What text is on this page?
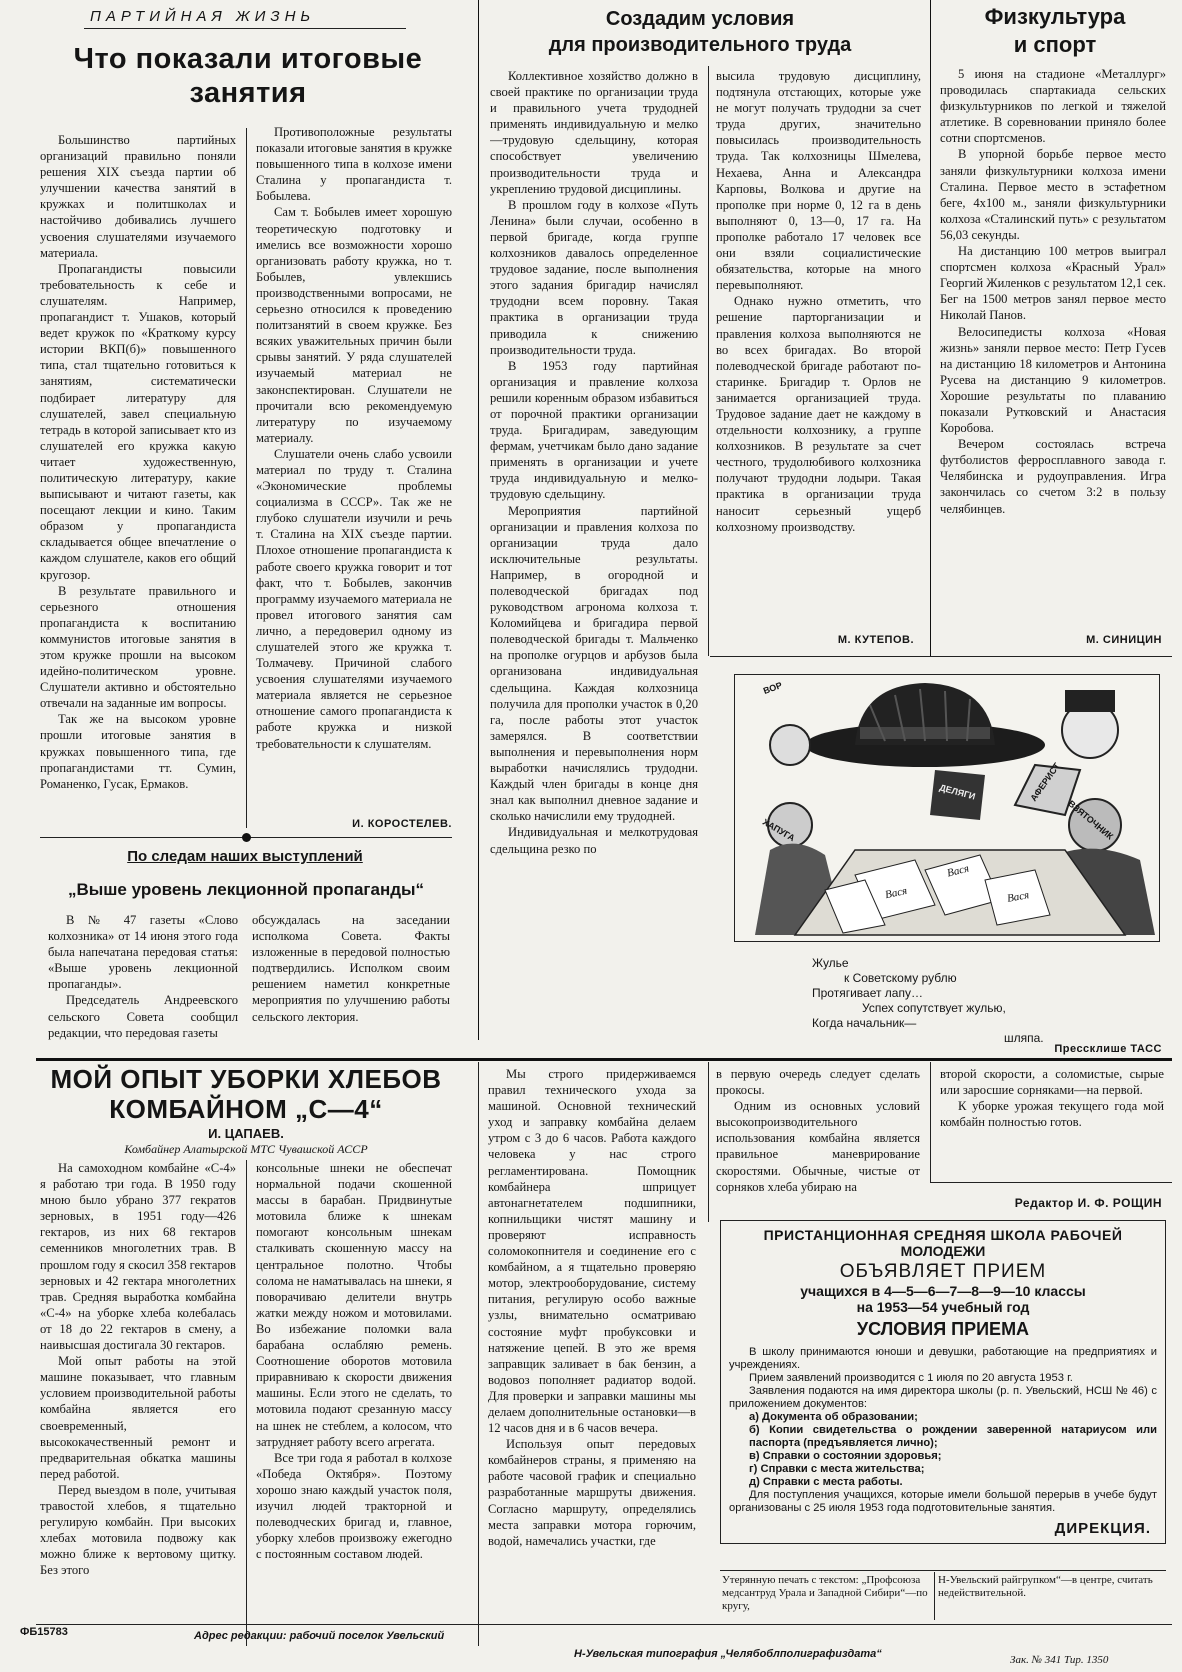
ПАРТИЙНАЯ ЖИЗНЬ
Что показали итоговые занятия

Большинство партийных организаций правильно поняли решения XIX съезда партии об улучшении качества занятий в кружках и политшколах и настойчиво добивались лучшего усвоения слушателями изучаемого материала.

Пропагандисты повысили требовательность к себе и слушателям. Например, пропагандист т. Ушаков, который ведет кружок по «Краткому курсу истории ВКП(б)» повышенного типа, стал тщательно готовиться к занятиям, систематически подбирает литературу для слушателей, завел специальную тетрадь в которой записывает кто из слушателей его кружка какую читает художественную, политическую литературу, какие выписывают и читают газеты, как посещают лекции и кино. Таким образом у пропагандиста складывается общее впечатление о каждом слушателе, каков его общий кругозор.

В результате правильного и серьезного отношения пропагандиста к воспитанию коммунистов итоговые занятия в этом кружке прошли на высоком идейно-политическом уровне. Слушатели активно и обстоятельно отвечали на заданные им вопросы.

Так же на высоком уровне прошли итоговые занятия в кружках повышенного типа, где пропагандистами тт. Сумин, Романенко, Гусак, Ермаков.

Противоположные результаты показали итоговые занятия в кружке повышенного типа в колхозе имени Сталина у пропагандиста т. Бобылева.

Сам т. Бобылев имеет хорошую теоретическую подготовку и имелись все возможности хорошо организовать работу кружка, но т. Бобылев, увлекшись производственными вопросами, не серьезно относился к проведению политзанятий в своем кружке. Без всяких уважительных причин были срывы занятий. У ряда слушателей изучаемый материал не законспектирован. Слушатели не прочитали всю рекомендуемую литературу по изучаемому материалу.

Слушатели очень слабо усвоили материал по труду т. Сталина «Экономические проблемы социализма в СССР». Так же не глубоко слушатели изучили и речь т. Сталина на XIX съезде партии. Плохое отношение пропагандиста к работе своего кружка говорит и тот факт, что т. Бобылев, закончив программу изучаемого материала не провел итогового занятия сам лично, а передоверил одному из слушателей этого же кружка т. Толмачеву. Причиной слабого усвоения слушателями изучаемого материала является не серьезное отношение самого пропагандиста к работе кружка и низкой требовательности к слушателям.

И. КОРОСТЕЛЕВ.
По следам наших выступлений
„Выше уровень лекционной пропаганды“

В № 47 газеты «Слово колхозника» от 14 июня этого года была напечатана передовая статья: «Выше уровень лекционной пропаганды».

Председатель Андреевского сельского Совета сообщил редакции, что передовая газеты

обсуждалась на заседании исполкома Совета. Факты изложенные в передовой полностью подтвердились. Исполком своим решением наметил конкретные мероприятия по улучшению работы сельского лектория.

Создадим условия
для производительного труда

Коллективное хозяйство должно в своей практике по организации труда и правильного учета трудодней применять индивидуальную и мелко—трудовую сдельщину, которая способствует увеличению производительности труда и укреплению трудовой дисциплины.

В прошлом году в колхозе «Путь Ленина» были случаи, особенно в первой бригаде, когда группе колхозников давалось определенное трудовое задание, после выполнения этого задания бригадир начислял трудодни всем поровну. Такая практика в организации труда приводила к снижению производительности труда.

В 1953 году партийная организация и правление колхоза решили коренным образом избавиться от порочной практики организации труда. Бригадирам, заведующим фермам, учетчикам было дано задание применять в организации и учете труда индивидуальную и мелко-трудовую сдельщину.

Мероприятия партийной организации и правления колхоза по организации труда дало исключительные результаты. Например, в огородной и полеводческой бригадах под руководством агронома колхоза т. Коломийцева и бригадира первой полеводческой бригады т. Мальченко на прополке огурцов и арбузов была организована индивидуальная сдельщина. Каждая колхозница получила для прополки участок в 0,20 га, после работы этот участок замерялся. В соответствии выполнения и перевыполнения норм выработки начислялись трудодни. Каждый член бригады в конце дня знал как выполнил дневное задание и сколько начислили ему трудодней.

Индивидуальная и мелкотрудовая сдельщина резко по

высила трудовую дисциплину, подтянула отстающих, которые уже не могут получать трудодни за счет труда других, значительно повысилась производительность труда. Так колхозницы Шмелева, Нехаева, Анна и Александра Карповы, Волкова и другие на прополке при норме 0, 12 га в день выполняют 0, 13—0, 17 га. На прополке работало 17 человек все они взяли социалистические обязательства, которые на много перевыполняют.

Однако нужно отметить, что решение парторганизации и правления колхоза выполняются не во всех бригадах. Во второй полеводческой бригаде работают по-старинке. Бригадир т. Орлов не занимается организацией труда. Трудовое задание дает не каждому в отдельности колхознику, а группе колхозников. В результате за счет честного, трудолюбивого колхозника получают трудодни лодыри. Такая практика в организации труда наносит серьезный ущерб колхозному производству.

М. КУТЕПОВ.
Физкультура
и спорт

5 июня на стадионе «Металлург» проводилась спартакиада сельских физкультурников по легкой и тяжелой атлетике. В соревновании приняло более сотни спортсменов.

В упорной борьбе первое место заняли физкультурники колхоза имени Сталина. Первое место в эстафетном беге, 4х100 м., заняли физкультурники колхоза «Сталинский путь» с результатом 56,03 секунды.

На дистанцию 100 метров выиграл спортсмен колхоза «Красный Урал» Георгий Жиленков с результатом 12,1 сек. Бег на 1500 метров занял первое место Николай Панов.

Велосипедисты колхоза «Новая жизнь» заняли первое место: Петр Гусев на дистанцию 18 километров и Антонина Русева на дистанцию 9 километров. Хорошие результаты по плаванию показали Рутковский и Анастасия Коробова.

Вечером состоялась встреча футболистов ферросплавного завода г. Челябинска и рудоуправления. Игра закончилась со счетом 3:2 в пользу челябинцев.

М. СИНИЦИН
ВОР
ДЕЛЯГИ	АФЕРИСТ
ВЗЯТОЧНИК
ХАПУГА
Вася
Вася
Вася
Жулье
к Советскому рублю
Протягивает лапу…
Успех сопутствует жулью,
Когда начальник—
шляпа.
Пресcклише ТАСС
МОЙ ОПЫТ УБОРКИ ХЛЕБОВ
КОМБАЙНОМ „С—4“
И. ЦАПАЕВ.
Комбайнер Алатырской МТС Чувашской АССР

На самоходном комбайне «С-4» я работаю три года. В 1950 году мною было убрано 377 гекратов зерновых, в 1951 году—426 гектаров, из них 68 гектаров семенников многолетних трав. В прошлом году я скосил 358 гектаров зерновых и 42 гектара многолетних трав. Средняя выработка комбайна «С-4» на уборке хлеба колебалась от 18 до 22 гектаров в смену, а наивысшая достигала 30 гектаров.

Мой опыт работы на этой машине показывает, что главным условием производительной работы комбайна является его своевременный, высококачественный ремонт и предварительная обкатка машины перед работой.

Перед выездом в поле, учитывая травостой хлебов, я тщательно регулирую комбайн. При высоких хлебах мотовила подвожу как можно ближе к вертовому щитку. Без этого

консольные шнеки не обеспечат нормальной подачи скошенной массы в барабан. Придвинутые мотовила ближе к шнекам помогают консольным шнекам сталкивать скошенную массу на центральное полотно. Чтобы солома не наматывалась на шнеки, я поворачиваю делители внутрь жатки между ножом и мотовилами. Во избежание поломки вала барабана ослабляю ремень. Соотношение оборотов мотовила приравниваю к скорости движения машины. Если этого не сделать, то мотовила подают срезанную массу на шнек не стеблем, а колосом, что затрудняет работу всего агрегата.

Все три года я работал в колхозе «Победа Октября». Поэтому хорошо знаю каждый участок поля, изучил людей тракторной и полеводческих бригад и, главное, уборку хлебов произвожу ежегодно с постоянным составом людей.

Мы строго придерживаемся правил технического ухода за машиной. Основной технический уход и заправку комбайна делаем утром с 3 до 6 часов. Работа каждого человека у нас строго регламентирована. Помощник комбайнера шприцует автонагнетателем подшипники, копнильщики чистят машину и проверяют исправность соломокопнителя и соединение его с комбайном, а я тщательно проверяю мотор, электрооборудование, систему питания, регулирую особо важные узлы, внимательно осматриваю состояние муфт пробуксовки и натяжение цепей. В это же время заправщик заливает в бак бензин, а водовоз пополняет радиатор водой. Для проверки и заправки машины мы делаем дополнительные остановки—в 12 часов дня и в 6 часов вечера.

Используя опыт передовых комбайнеров страны, я применяю на работе часовой график и специально разработанные маршруты движения. Согласно маршруту, определялись места заправки мотора горючим, водой, намечались участки, где

в первую очередь следует сделать прокосы.

Одним из основных условий высокопроизводительного использования комбайна является правильное маневрирование скоростями. Обычные, чистые от сорняков хлеба убираю на

второй скорости, а соломистые, сырые или заросшие сорняками—на первой.

К уборке урожая текущего года мой комбайн полностью готов.

Редактор И. Ф. РОЩИН
ПРИСТАНЦИОННАЯ СРЕДНЯЯ ШКОЛА РАБОЧЕЙ
МОЛОДЕЖИ
ОБЪЯВЛЯЕТ ПРИЕМ
учащихся в 4—5—6—7—8—9—10 классы
на 1953—54 учебный год
УСЛОВИЯ ПРИЕМА
В школу принимаются юноши и девушки, работающие на предприятиях и учреждениях.
Прием заявлений производится с 1 июля по 20 августа 1953 г.
Заявления подаются на имя директора школы (р. п. Увельский, НСШ № 46) с приложением документов:
а) Документа об образовании;
б) Копии свидетельства о рождении заверенной натариусом или паспорта (предъявляется лично);
в) Справки о состоянии здоровья;
г) Справки с места жительства;
д) Справки с места работы.
Для поступления учащихся, которые имели большой перерыв в учебе будут организованы с 25 июля 1953 года подготовительные занятия.
ДИРЕКЦИЯ.
Утерянную печать с текстом: „Профсоюза медсантруд Урала и Западной Сибири“—по кругу,
Н-Увельский райгрупком“—в центре, считать недействительной.
ФБ15783	Адрес редакции: рабочий поселок Увельский
Н-Увельская типография „Челябоблполиграфиздата“	Зак. № 341 Тир. 1350
